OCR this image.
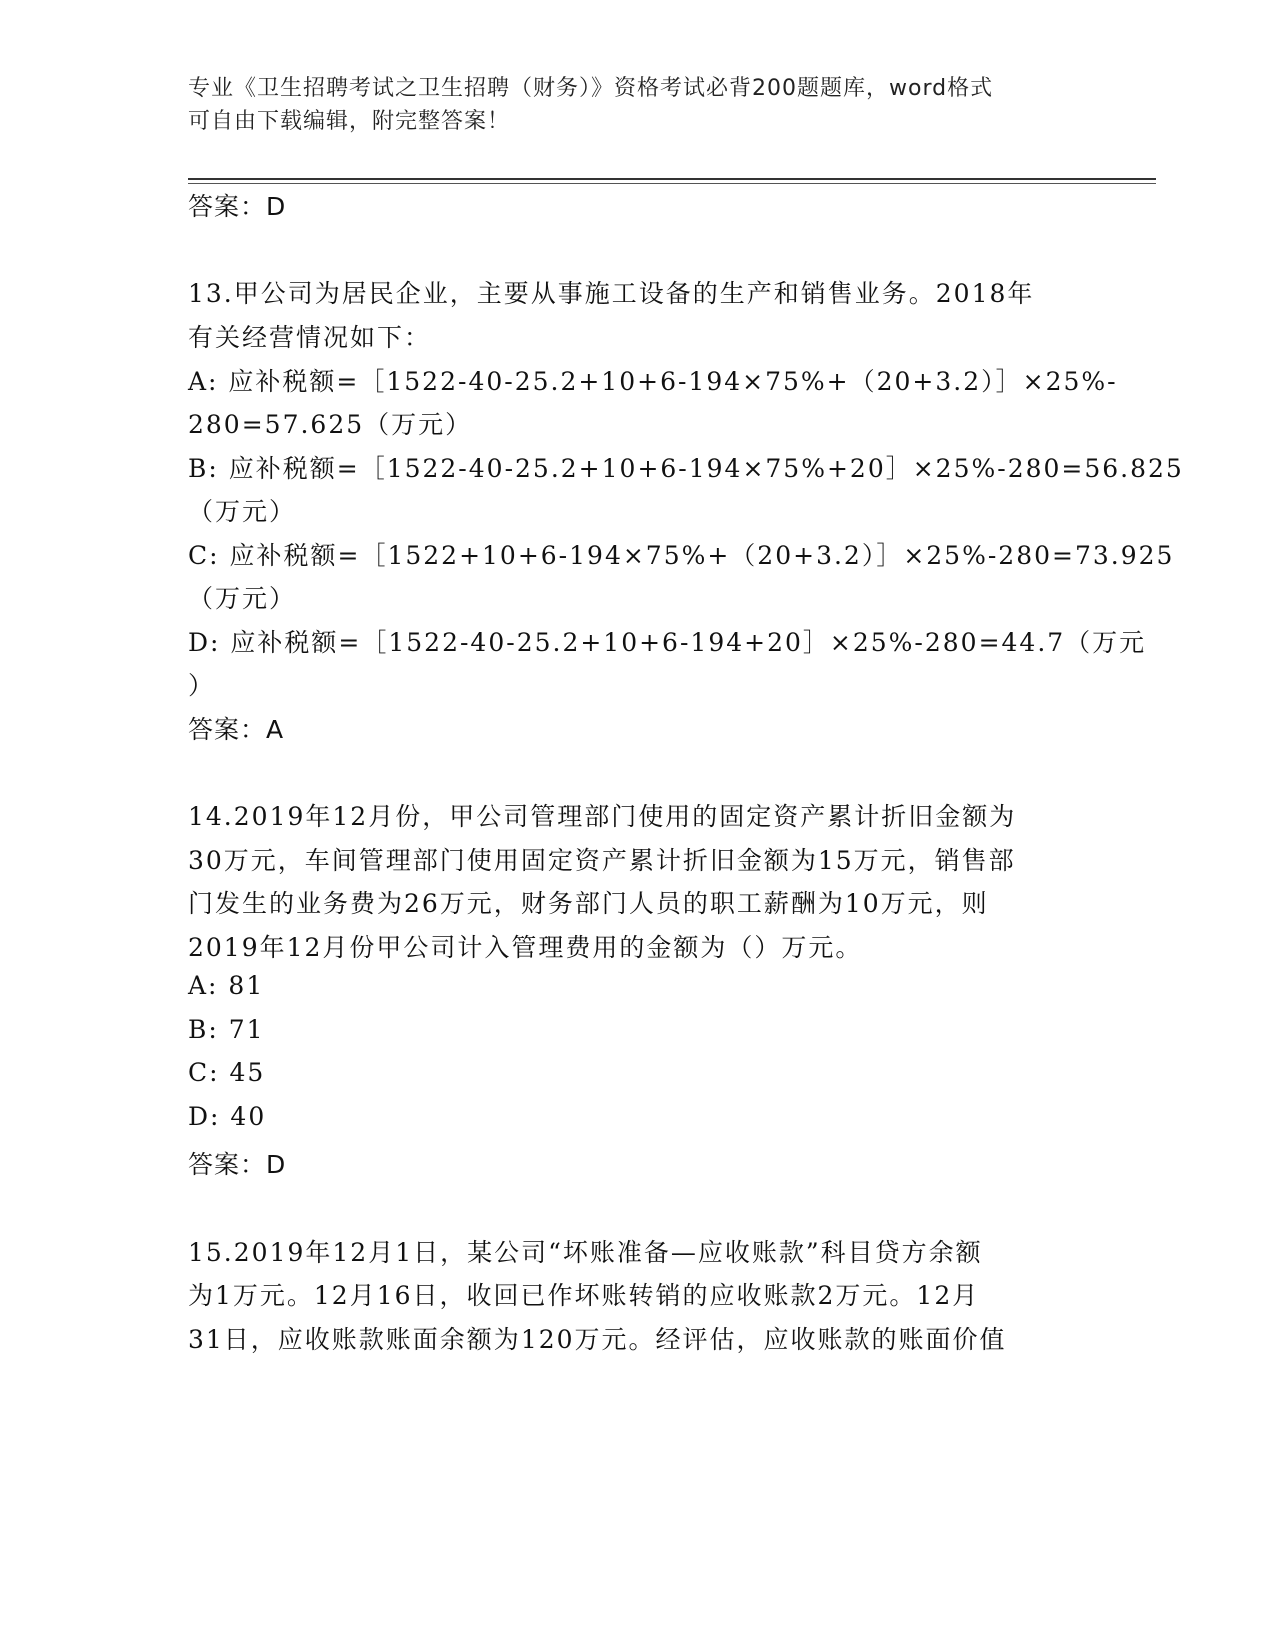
专业《卫生招聘考试之卫生招聘（财务）》资格考试必背200题题库，word格式
可自由下载编辑，附完整答案！
答案：D
13.甲公司为居民企业，主要从事施工设备的生产和销售业务。2018年
有关经营情况如下：
A: 应补税额=［1522-40-25.2+10+6-194×75%+（20+3.2）］×25%-
280=57.625（万元）
B: 应补税额=［1522-40-25.2+10+6-194×75%+20］×25%-280=56.825
（万元）
C: 应补税额=［1522+10+6-194×75%+（20+3.2）］×25%-280=73.925
（万元）
D: 应补税额=［1522-40-25.2+10+6-194+20］×25%-280=44.7（万元
）
答案：A
14.2019年12月份，甲公司管理部门使用的固定资产累计折旧金额为
30万元，车间管理部门使用固定资产累计折旧金额为15万元，销售部
门发生的业务费为26万元，财务部门人员的职工薪酬为10万元，则
2019年12月份甲公司计入管理费用的金额为（）万元。
A: 81
B: 71
C: 45
D: 40
答案：D
15.2019年12月1日，某公司“坏账准备—应收账款”科目贷方余额
为1万元。12月16日，收回已作坏账转销的应收账款2万元。12月
31日，应收账款账面余额为120万元。经评估，应收账款的账面价值
